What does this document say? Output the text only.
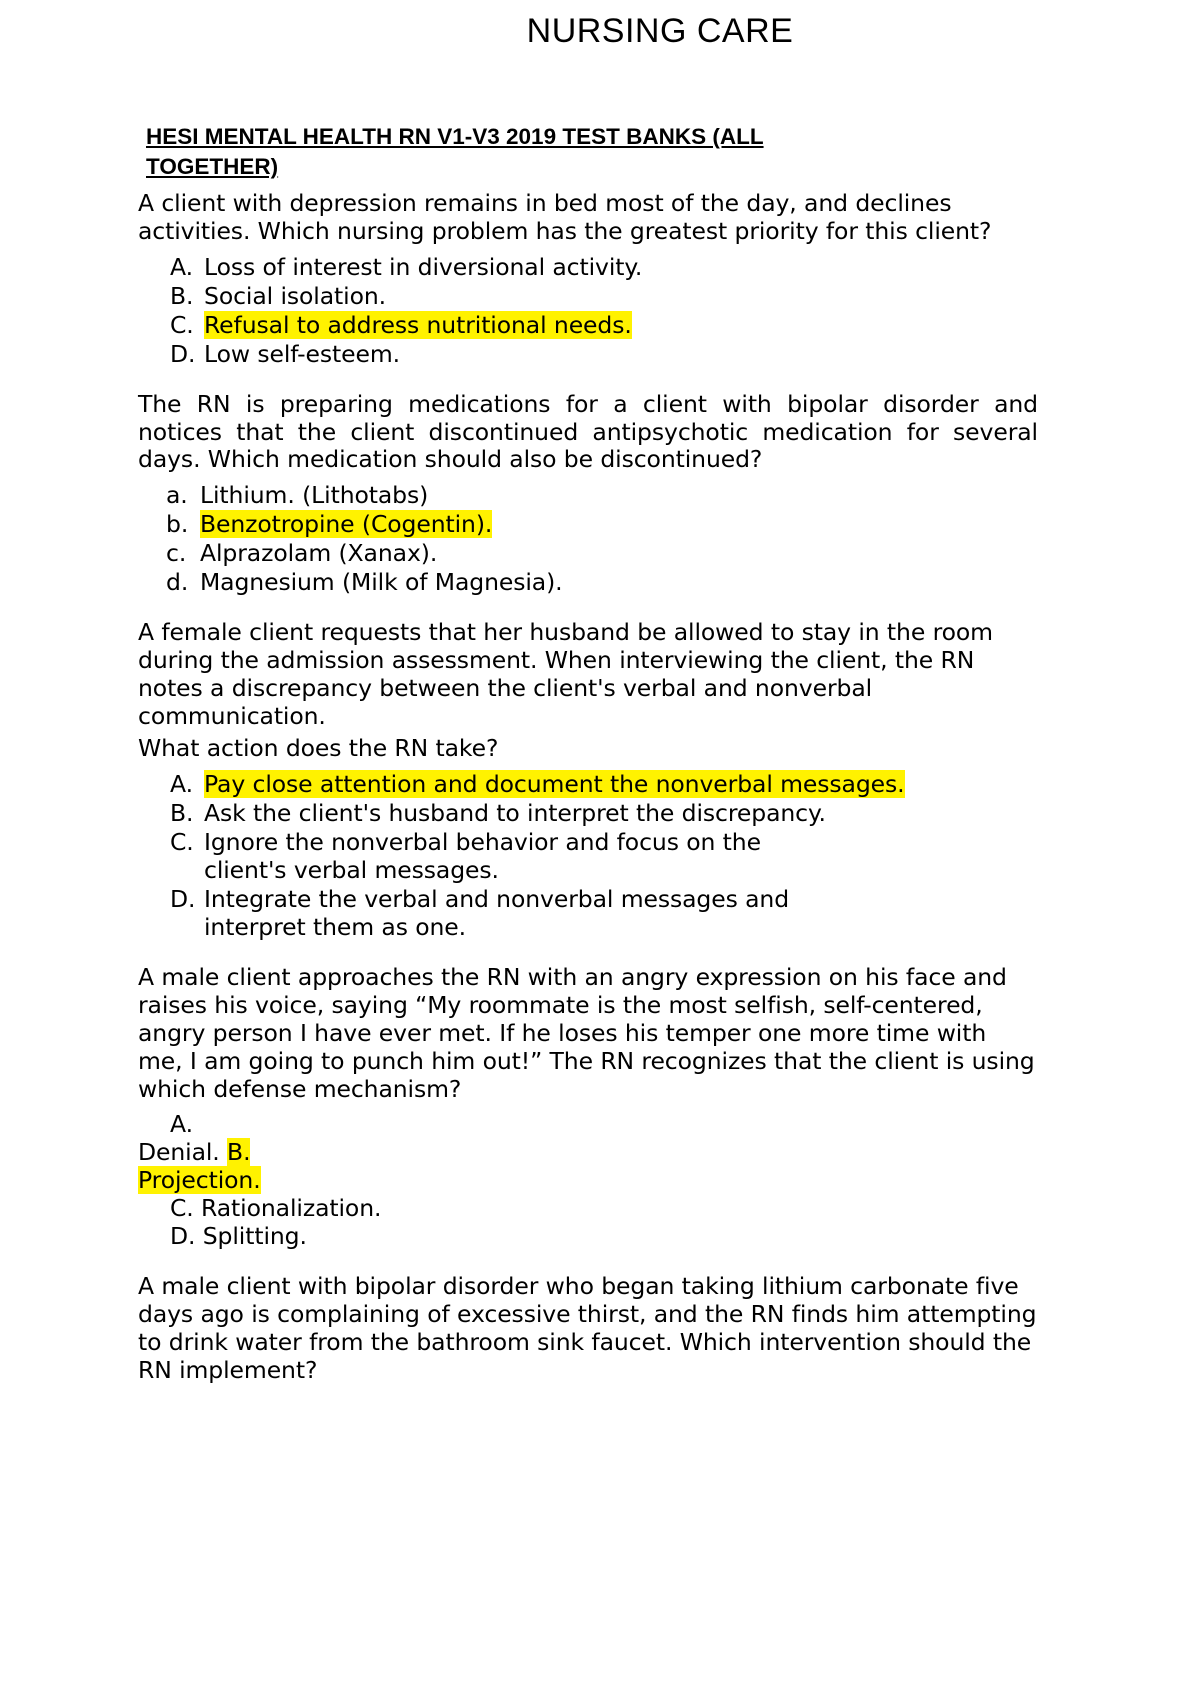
NURSING CARE
HESI MENTAL HEALTH RN V1-V3 2019 TEST BANKS (ALL
TOGETHER)

A client with depression remains in bed most of the day, and declines activities. Which nursing problem has the greatest priority for this client?

A. Loss of interest in diversional activity.
B. Social isolation.
C. Refusal to address nutritional needs.
D. Low self-esteem.

The RN is preparing medications for a client with bipolar disorder and notices that the client discontinued antipsychotic medication for several days. Which medication should also be discontinued?

a. Lithium. (Lithotabs)
b. Benzotropine (Cogentin).
c. Alprazolam (Xanax).
d. Magnesium (Milk of Magnesia).

A female client requests that her husband be allowed to stay in the room during the admission assessment. When interviewing the client, the RN notes a discrepancy between the client's verbal and nonverbal communication.

What action does the RN take?

A. Pay close attention and document the nonverbal messages.
B. Ask the client's husband to interpret the discrepancy.
C. Ignore the nonverbal behavior and focus on the
client's verbal messages.
D. Integrate the verbal and nonverbal messages and
interpret them as one.

A male client approaches the RN with an angry expression on his face and raises his voice, saying “My roommate is the most selfish, self-centered, angry person I have ever met. If he loses his temper one more time with me, I am going to punch him out!” The RN recognizes that the client is using which defense mechanism?

A.
Denial. B.
Projection.
C. Rationalization.
D. Splitting.

A male client with bipolar disorder who began taking lithium carbonate five days ago is complaining of excessive thirst, and the RN finds him attempting to drink water from the bathroom sink faucet. Which intervention should the RN implement?
